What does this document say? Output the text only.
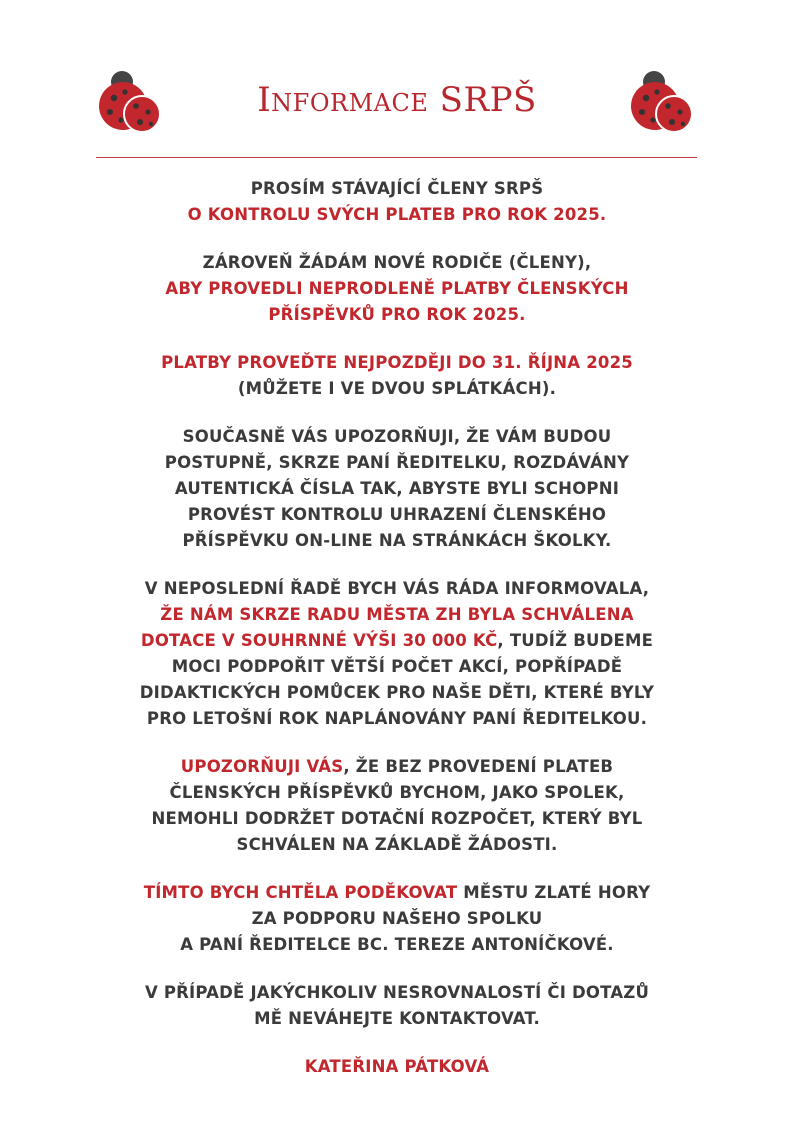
Informace SRPŠ

PROSÍM STÁVAJÍCÍ ČLENY SRPŠ
O KONTROLU SVÝCH PLATEB PRO ROK 2025.

ZÁROVEŇ ŽÁDÁM NOVÉ RODIČE (ČLENY),
ABY PROVEDLI NEPRODLENĚ PLATBY ČLENSKÝCH
PŘÍSPĚVKŮ PRO ROK 2025.

PLATBY PROVEĎTE NEJPOZDĚJI DO 31. ŘÍJNA 2025
(MŮŽETE I VE DVOU SPLÁTKÁCH).

SOUČASNĚ VÁS UPOZORŇUJI, ŽE VÁM BUDOU
POSTUPNĚ, SKRZE PANÍ ŘEDITELKU, ROZDÁVÁNY
AUTENTICKÁ ČÍSLA TAK, ABYSTE BYLI SCHOPNI
PROVÉST KONTROLU UHRAZENÍ ČLENSKÉHO
PŘÍSPĚVKU ON-LINE NA STRÁNKÁCH ŠKOLKY.

V NEPOSLEDNÍ ŘADĚ BYCH VÁS RÁDA INFORMOVALA,
ŽE NÁM SKRZE RADU MĚSTA ZH BYLA SCHVÁLENA
DOTACE V SOUHRNNÉ VÝŠI 30 000 KČ, TUDÍŽ BUDEME
MOCI PODPOŘIT VĚTŠÍ POČET AKCÍ, POPŘÍPADĚ
DIDAKTICKÝCH POMŮCEK PRO NAŠE DĚTI, KTERÉ BYLY
PRO LETOŠNÍ ROK NAPLÁNOVÁNY PANÍ ŘEDITELKOU.

UPOZORŇUJI VÁS, ŽE BEZ PROVEDENÍ PLATEB
ČLENSKÝCH PŘÍSPĚVKŮ BYCHOM, JAKO SPOLEK,
NEMOHLI DODRŽET DOTAČNÍ ROZPOČET, KTERÝ BYL
SCHVÁLEN NA ZÁKLADĚ ŽÁDOSTI.

TÍMTO BYCH CHTĚLA PODĚKOVAT MĚSTU ZLATÉ HORY
ZA PODPORU NAŠEHO SPOLKU
A PANÍ ŘEDITELCE BC. TEREZE ANTONÍČKOVÉ.

V PŘÍPADĚ JAKÝCHKOLIV NESROVNALOSTÍ ČI DOTAZŮ
MĚ NEVÁHEJTE KONTAKTOVAT.

KATEŘINA PÁTKOVÁ
